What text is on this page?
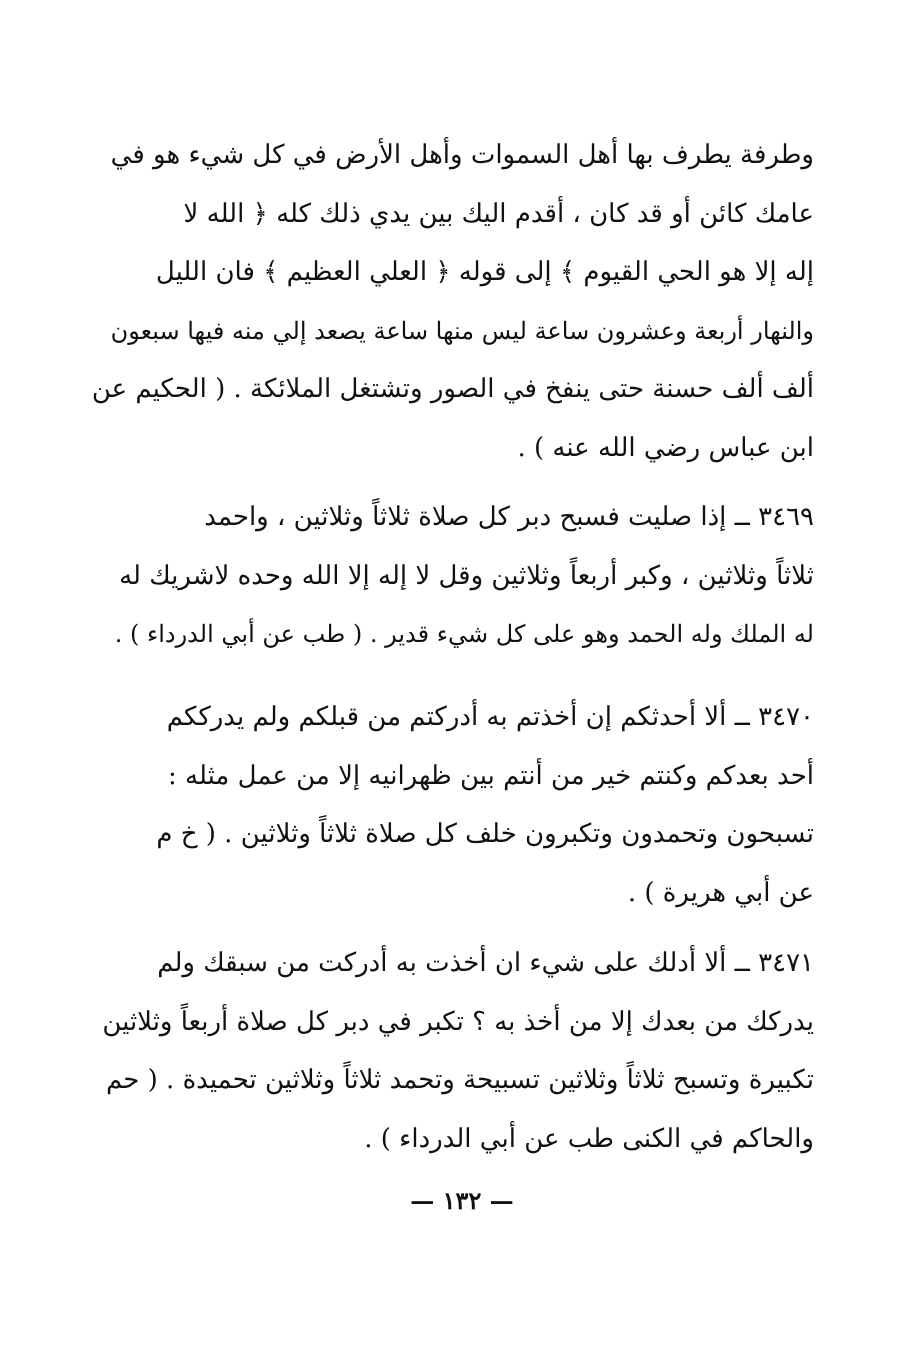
وطرفة يطرف بها أهل السموات وأهل الأرض في كل شيء هو في
عامك كائن أو قد كان ، أقدم اليك بين يدي ذلك كله ﴿ الله لا
إله إلا هو الحي القيوم ﴾ إلى قوله ﴿ العلي العظيم ﴾ فان الليل
والنهار أربعة وعشرون ساعة ليس منها ساعة يصعد إلي منه فيها سبعون
ألف ألف حسنة حتى ينفخ في الصور وتشتغل الملائكة . ( الحكيم عن
ابن عباس رضي الله عنه ) .
٣٤٦٩ ــ إذا صليت فسبح دبر كل صلاة ثلاثاً وثلاثين ، واحمد
ثلاثاً وثلاثين ، وكبر أربعاً وثلاثين وقل لا إله إلا الله وحده لاشريك له
له الملك وله الحمد وهو على كل شيء قدير . ( طب عن أبي الدرداء ) .
٣٤٧٠ ــ ألا أحدثكم إن أخذتم به أدركتم من قبلكم ولم يدرككم
أحد بعدكم وكنتم خير من أنتم بين ظهرانيه إلا من عمل مثله :
تسبحون وتحمدون وتكبرون خلف كل صلاة ثلاثاً وثلاثين . ( خ م
عن أبي هريرة ) .
٣٤٧١ ــ ألا أدلك على شيء ان أخذت به أدركت من سبقك ولم
يدركك من بعدك إلا من أخذ به ؟ تكبر في دبر كل صلاة أربعاً وثلاثين
تكبيرة وتسبح ثلاثاً وثلاثين تسبيحة وتحمد ثلاثاً وثلاثين تحميدة . ( حم
والحاكم في الكنى طب عن أبي الدرداء ) .
— ١٣٢ —
